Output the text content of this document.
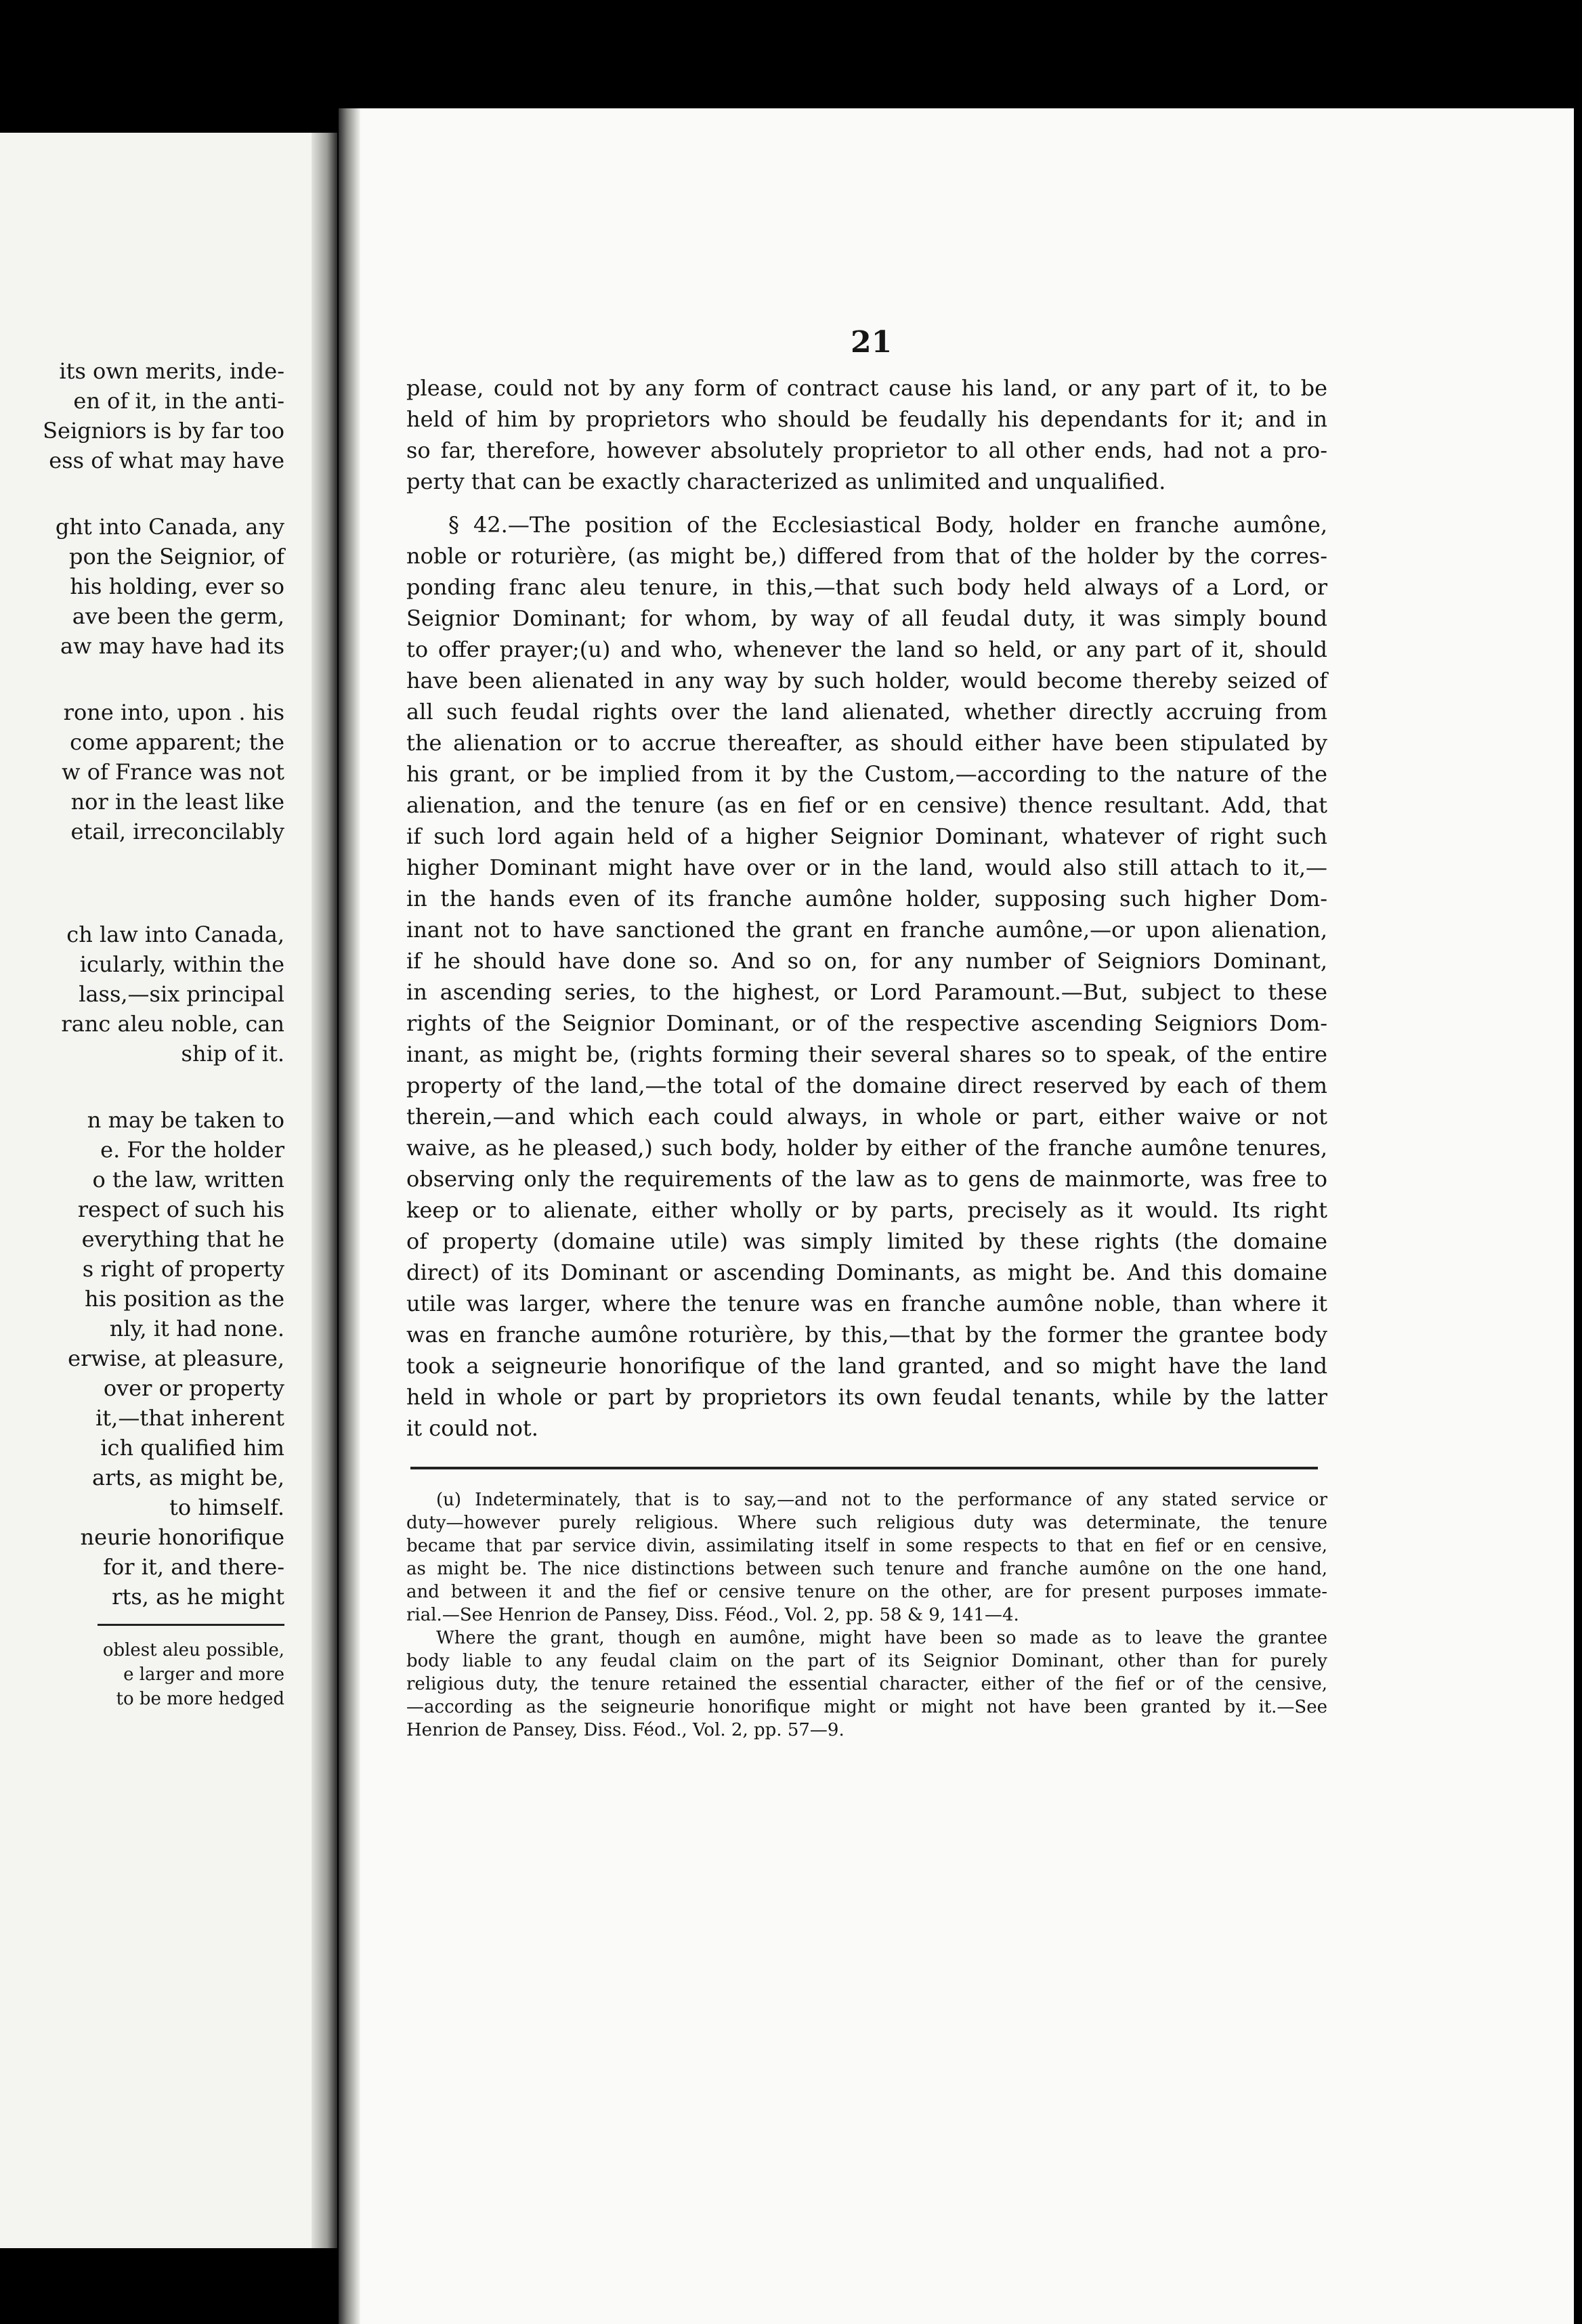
its own merits, inde-

en of it, in the anti-

Seigniors is by far too

ess of what may have

ght into Canada, any

pon the Seignior, of

his holding, ever so

ave been the germ,

aw may have had its

rone into, upon . his

come apparent; the

w of France was not

nor in the least like

etail, irreconcilably

ch law into Canada,

icularly, within the

lass,—six principal

ranc aleu noble, can

ship of it.

n may be taken to

e. For the holder

o the law, written

respect of such his

everything that he

s right of property

his position as the

nly, it had none.

erwise, at pleasure,

over or property

it,—that inherent

ich qualified him

arts, as might be,

to himself.

neurie honorifique

for it, and there-

rts, as he might

oblest aleu possible,

e larger and more

to be more hedged

21

please, could not by any form of contract cause his land, or any part of it, to be

held of him by proprietors who should be feudally his dependants for it; and in

so far, therefore, however absolutely proprietor to all other ends, had not a pro-

perty that can be exactly characterized as unlimited and unqualified.

§ 42.—The position of the Ecclesiastical Body, holder en franche aumône,

noble or roturière, (as might be,) differed from that of the holder by the corres-

ponding franc aleu tenure, in this,—that such body held always of a Lord, or

Seignior Dominant; for whom, by way of all feudal duty, it was simply bound

to offer prayer;(u) and who, whenever the land so held, or any part of it, should

have been alienated in any way by such holder, would become thereby seized of

all such feudal rights over the land alienated, whether directly accruing from

the alienation or to accrue thereafter, as should either have been stipulated by

his grant, or be implied from it by the Custom,—according to the nature of the

alienation, and the tenure (as en fief or en censive) thence resultant. Add, that

if such lord again held of a higher Seignior Dominant, whatever of right such

higher Dominant might have over or in the land, would also still attach to it,—

in the hands even of its franche aumône holder, supposing such higher Dom-

inant not to have sanctioned the grant en franche aumône,—or upon alienation,

if he should have done so. And so on, for any number of Seigniors Dominant,

in ascending series, to the highest, or Lord Paramount.—But, subject to these

rights of the Seignior Dominant, or of the respective ascending Seigniors Dom-

inant, as might be, (rights forming their several shares so to speak, of the entire

property of the land,—the total of the domaine direct reserved by each of them

therein,—and which each could always, in whole or part, either waive or not

waive, as he pleased,) such body, holder by either of the franche aumône tenures,

observing only the requirements of the law as to gens de mainmorte, was free to

keep or to alienate, either wholly or by parts, precisely as it would. Its right

of property (domaine utile) was simply limited by these rights (the domaine

direct) of its Dominant or ascending Dominants, as might be. And this domaine

utile was larger, where the tenure was en franche aumône noble, than where it

was en franche aumône roturière, by this,—that by the former the grantee body

took a seigneurie honorifique of the land granted, and so might have the land

held in whole or part by proprietors its own feudal tenants, while by the latter

it could not.

(u) Indeterminately, that is to say,—and not to the performance of any stated service or

duty—however purely religious. Where such religious duty was determinate, the tenure

became that par service divin, assimilating itself in some respects to that en fief or en censive,

as might be. The nice distinctions between such tenure and franche aumône on the one hand,

and between it and the fief or censive tenure on the other, are for present purposes immate-

rial.—See Henrion de Pansey, Diss. Féod., Vol. 2, pp. 58 & 9, 141—4.

Where the grant, though en aumône, might have been so made as to leave the grantee

body liable to any feudal claim on the part of its Seignior Dominant, other than for purely

religious duty, the tenure retained the essential character, either of the fief or of the censive,

—according as the seigneurie honorifique might or might not have been granted by it.—See

Henrion de Pansey, Diss. Féod., Vol. 2, pp. 57—9.
